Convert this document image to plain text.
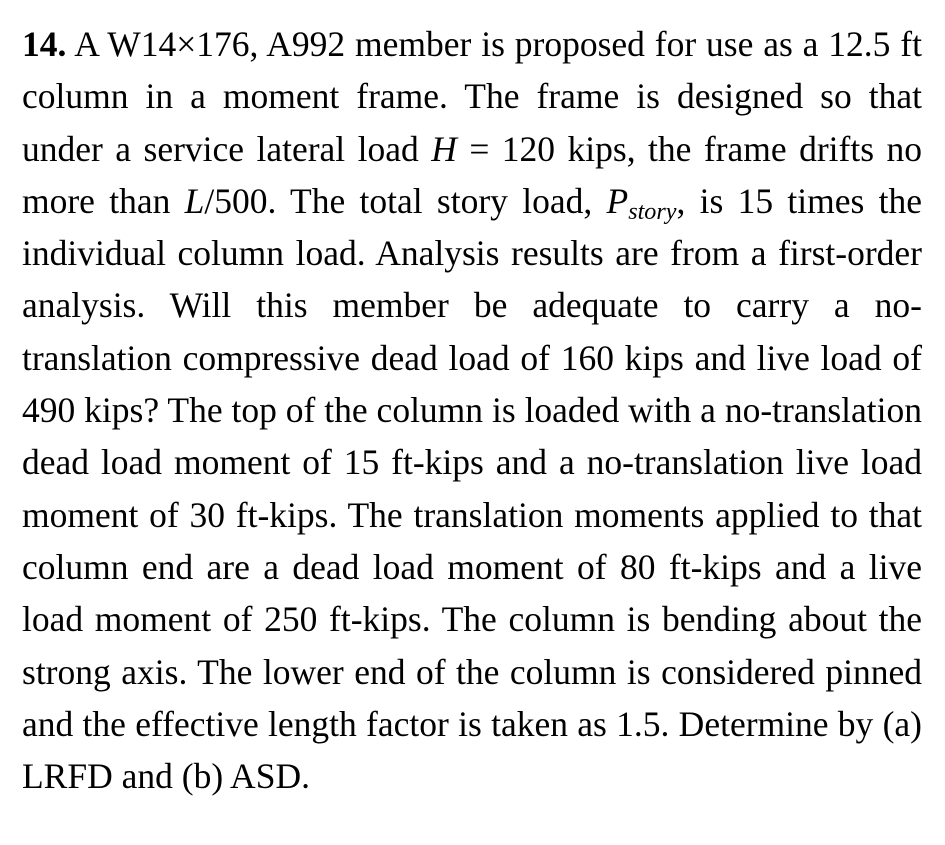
14. A W14×176, A992 member is proposed for use as a 12.5 ft column in a moment frame. The frame is designed so that under a service lateral load H = 120 kips, the frame drifts no more than L/500. The total story load, $P_{story}$, is 15 times the individual column load. Analysis results are from a first-order analysis. Will this member be adequate to carry a no-translation compressive dead load of 160 kips and live load of 490 kips? The top of the column is loaded with a no-translation dead load moment of 15 ft-kips and a no-translation live load moment of 30 ft-kips. The translation moments applied to that column end are a dead load moment of 80 ft-kips and a live load moment of 250 ft-kips. The column is bending about the strong axis. The lower end of the column is considered pinned and the effective length factor is taken as 1.5. Determine by (a) LRFD and (b) ASD.
